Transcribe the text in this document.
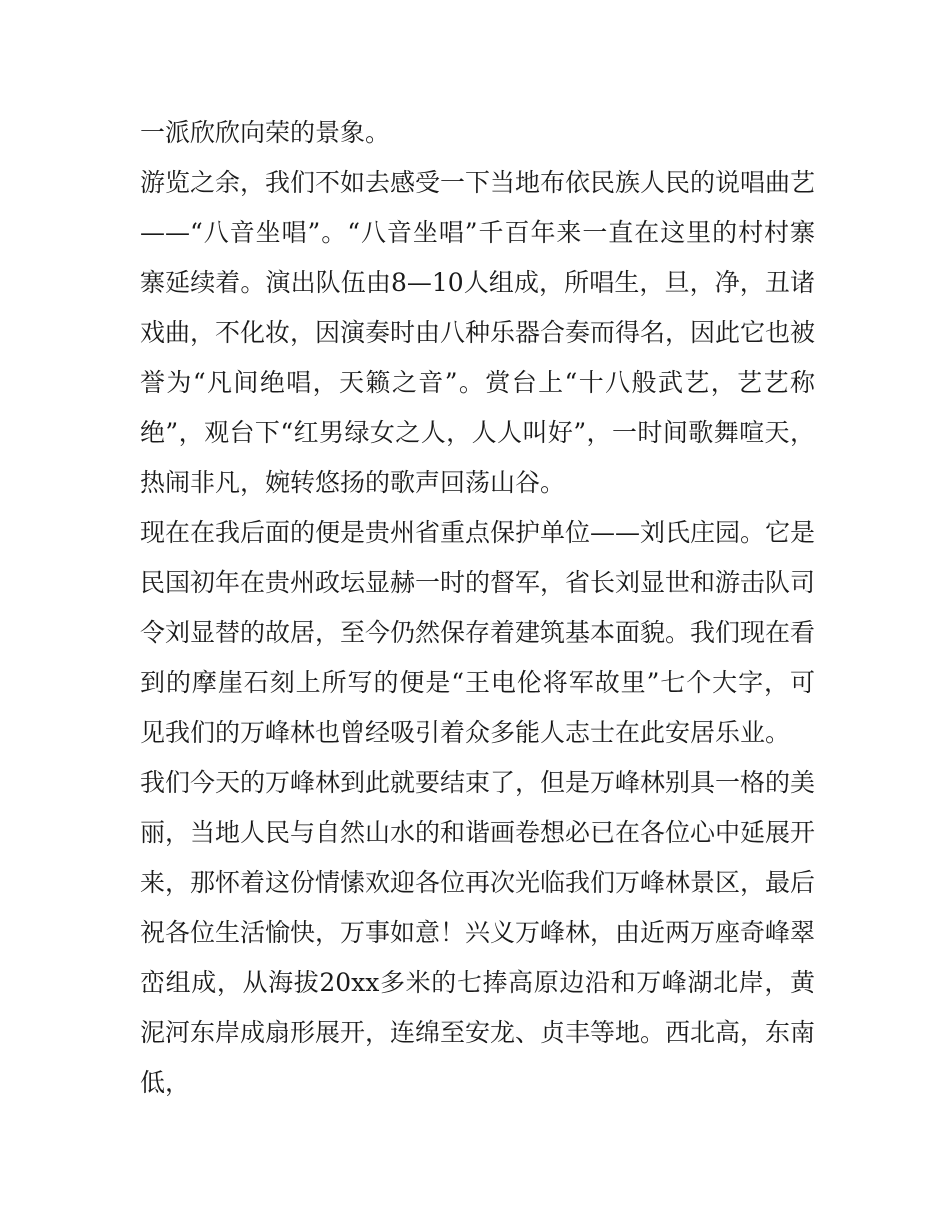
一派欣欣向荣的景象。

游览之余，我们不如去感受一下当地布依民族人民的说唱曲艺——“八音坐唱”。“八音坐唱”千百年来一直在这里的村村寨寨延续着。演出队伍由8—10人组成，所唱生，旦，净，丑诸戏曲，不化妆，因演奏时由八种乐器合奏而得名，因此它也被誉为“凡间绝唱，天籁之音”。赏台上“十八般武艺，艺艺称绝”，观台下“红男绿女之人，人人叫好”，一时间歌舞喧天，热闹非凡，婉转悠扬的歌声回荡山谷。

现在在我后面的便是贵州省重点保护单位——刘氏庄园。它是民国初年在贵州政坛显赫一时的督军，省长刘显世和游击队司令刘显替的故居，至今仍然保存着建筑基本面貌。我们现在看到的摩崖石刻上所写的便是“王电伦将军故里”七个大字，可见我们的万峰林也曾经吸引着众多能人志士在此安居乐业。

我们今天的万峰林到此就要结束了，但是万峰林别具一格的美丽，当地人民与自然山水的和谐画卷想必已在各位心中延展开来，那怀着这份情愫欢迎各位再次光临我们万峰林景区，最后祝各位生活愉快，万事如意！兴义万峰林，由近两万座奇峰翠峦组成，从海拔20xx多米的七捧高原边沿和万峰湖北岸，黄泥河东岸成扇形展开，连绵至安龙、贞丰等地。西北高，东南低，
